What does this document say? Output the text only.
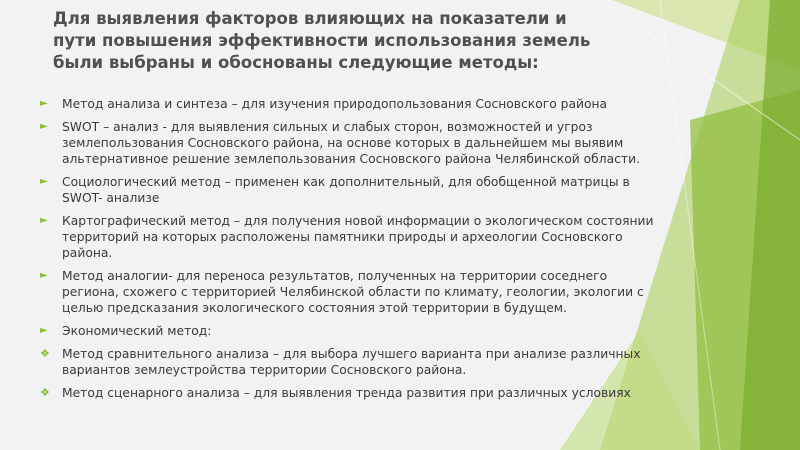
Для выявления факторов влияющих на показатели и
пути повышения эффективности использования земель
были выбраны и обоснованы следующие методы:
► Метод анализа и синтеза – для изучения природопользования Сосновского района
► SWOT – анализ - для выявления сильных и слабых сторон, возможностей и угроз
землепользования Сосновского района, на основе которых в дальнейшем мы выявим
альтернативное решение землепользования Сосновского района Челябинской области.
► Социологический метод – применен как дополнительный, для обобщенной матрицы в
SWOT- анализе
► Картографический метод – для получения новой информации о экологическом состоянии
территорий на которых расположены памятники природы и археологии Сосновского
района.
► Метод аналогии- для переноса результатов, полученных на территории соседнего
региона, схожего с территорией Челябинской области по климату, геологии, экологии с
целью предсказания экологического состояния этой территории в будущем.
► Экономический метод:
❖ Метод сравнительного анализа – для выбора лучшего варианта при анализе различных
вариантов землеустройства территории Сосновского района.
❖ Метод сценарного анализа – для выявления тренда развития при различных условиях
